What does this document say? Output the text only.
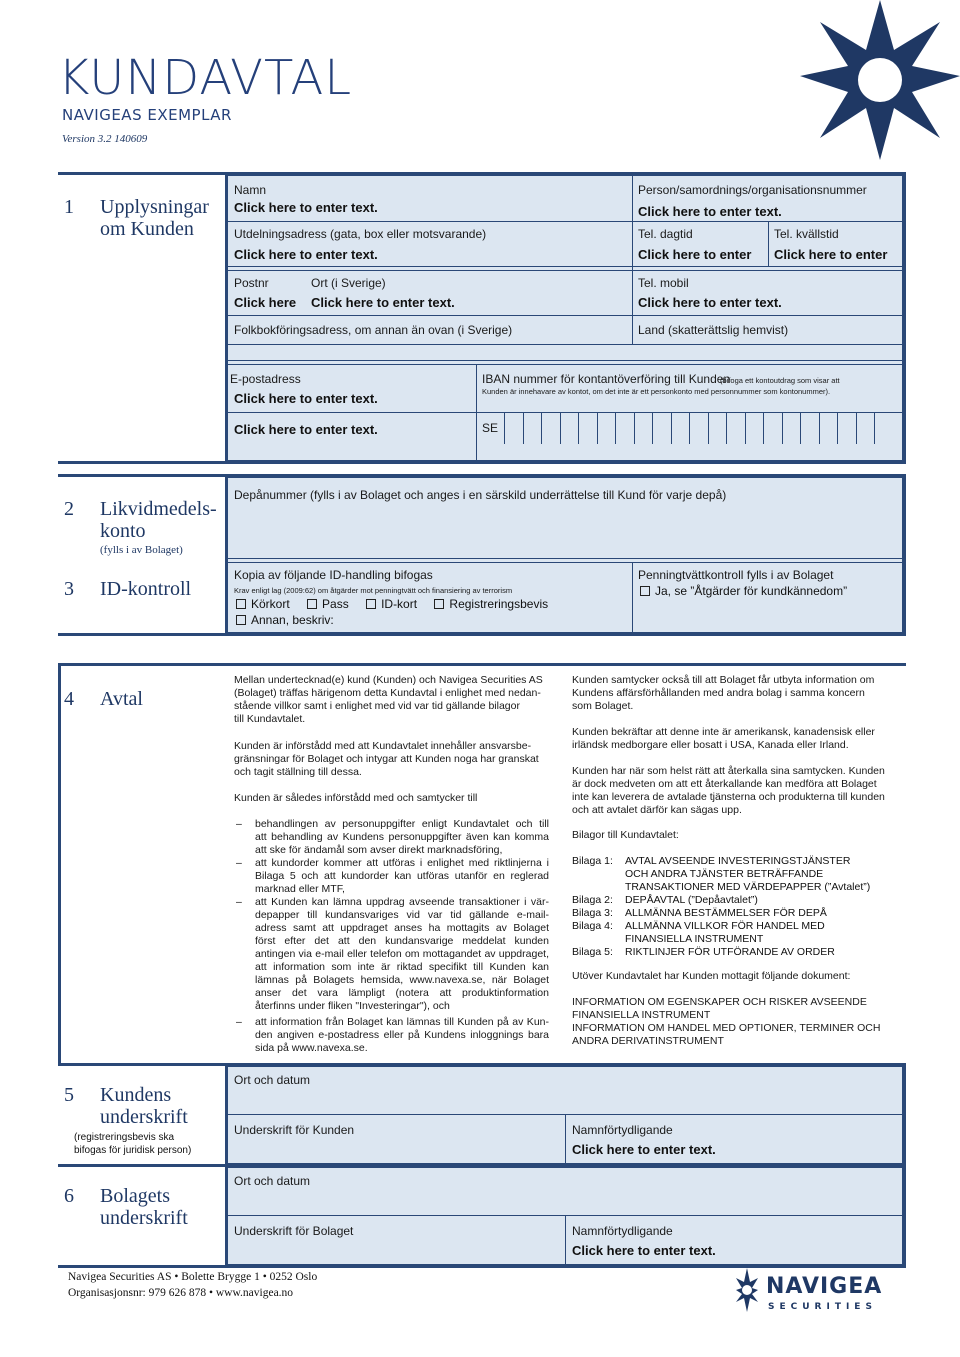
KUNDAVTAL
NAVIGEAS EXEMPLAR
Version 3.2 140609
1 Upplysningar
om Kunden
Namn
Click here to enter text.
Person/samordnings/organisationsnummer
Click here to enter text.
Utdelningsadress (gata, box eller motsvarande)
Click here to enter text.
Tel. dagtid
Click here to enter
Tel. kvällstid
Click here to enter
Postnr
Click here
Ort (i Sverige)
Click here to enter text.
Tel. mobil
Click here to enter text.
Folkbokföringsadress, om annan än ovan (i Sverige)	Land (skatterättslig hemvist)
E-postadress
Click here to enter text.
Click here to enter text.
IBAN nummer för kontantöverföring till Kunden
(bifoga ett kontoutdrag som visar att
Kunden är innehavare av kontot, om det inte är ett personkonto med personnummer som kontonummer).
SE
2 Likvidmedels-
konto
(fylls i av Bolaget)
3 ID-kontroll
Depånummer (fylls i av Bolaget och anges i en särskild underrättelse till Kund för varje depå)
Kopia av följande ID-handling bifogas
Krav enligt lag (2009:62) om åtgärder mot penningtvätt och finansiering av terrorism
Körkort	Pass	ID-kort	Registreringsbevis
Annan, beskriv:
Penningtvättkontroll fylls i av Bolaget
Ja, se ”Åtgärder för kundkännedom”
4 Avtal
Mellan undertecknad(e) kund (Kunden) och Navigea Securities AS
(Bolaget) träffas härigenom detta Kundavtal i enlighet med nedan-
stående villkor samt i enlighet med vid var tid gällande bilagor
till Kundavtalet.
Kunden är införstådd med att Kundavtalet innehåller ansvarsbe-
gränsningar för Bolaget och intygar att Kunden noga har granskat
och tagit ställning till dessa.
Kunden är således införstådd med och samtycker till
– behandlingen av personuppgifter enligt Kundavtalet och till
att behandling av Kundens personuppgifter även kan komma
att ske för ändamål som avser direkt marknadsföring,
– att kundorder kommer att utföras i enlighet med riktlinjerna i
Bilaga 5 och att kundorder kan utföras utanför en reglerad
marknad eller MTF,
– att Kunden kan lämna uppdrag avseende transaktioner i vär-
depapper till kundansvariges vid var tid gällande e-mail-
adress samt att uppdraget anses ha mottagits av Bolaget
först efter det att den kundansvarige meddelat kunden
antingen via e-mail eller telefon om mottagandet av uppdraget,
att information som inte är riktad specifikt till Kunden kan
lämnas på Bolagets hemsida, www.navexa.se, när Bolaget
anser det vara lämpligt (notera att produktinformation
återfinns under fliken "Investeringar"), och
– att information från Bolaget kan lämnas till Kunden på av Kun-
den angiven e-postadress eller på Kundens inloggnings bara
sida på www.navexa.se.
Kunden samtycker också till att Bolaget får utbyta information om
Kundens affärsförhållanden med andra bolag i samma koncern
som Bolaget.
Kunden bekräftar att denne inte är amerikansk, kanadensisk eller
irländsk medborgare eller bosatt i USA, Kanada eller Irland.
Kunden har när som helst rätt att återkalla sina samtycken. Kunden
är dock medveten om att ett återkallande kan medföra att Bolaget
inte kan leverera de avtalade tjänsterna och produkterna till kunden
och att avtalet därför kan sägas upp.
Bilagor till Kundavtalet:
Bilaga 1: AVTAL AVSEENDE INVESTERINGSTJÄNSTER
OCH ANDRA TJÄNSTER BETRÄFFANDE
TRANSAKTIONER MED VÄRDEPAPPER (”Avtalet”)
Bilaga 2: DEPÅAVTAL (”Depåavtalet”)
Bilaga 3: ALLMÄNNA BESTÄMMELSER FÖR DEPÅ
Bilaga 4: ALLMÄNNA VILLKOR FÖR HANDEL MED
FINANSIELLA INSTRUMENT
Bilaga 5: RIKTLINJER FÖR UTFÖRANDE AV ORDER
Utöver Kundavtalet har Kunden mottagit följande dokument:
INFORMATION OM EGENSKAPER OCH RISKER AVSEENDE
FINANSIELLA INSTRUMENT
INFORMATION OM HANDEL MED OPTIONER, TERMINER OCH
ANDRA DERIVATINSTRUMENT
5 Kundens
underskrift
(registreringsbevis ska
bifogas för juridisk person)
Ort och datum
Underskrift för Kunden	Namnförtydligande
Click here to enter text.
6 Bolagets
underskrift
Ort och datum
Underskrift för Bolaget	Namnförtydligande
Click here to enter text.
Navigea Securities AS • Bolette Brygge 1 • 0252 Oslo
Organisasjonsnr: 979 626 878 • www.navigea.no	NAVIGEA
SECURITIES
